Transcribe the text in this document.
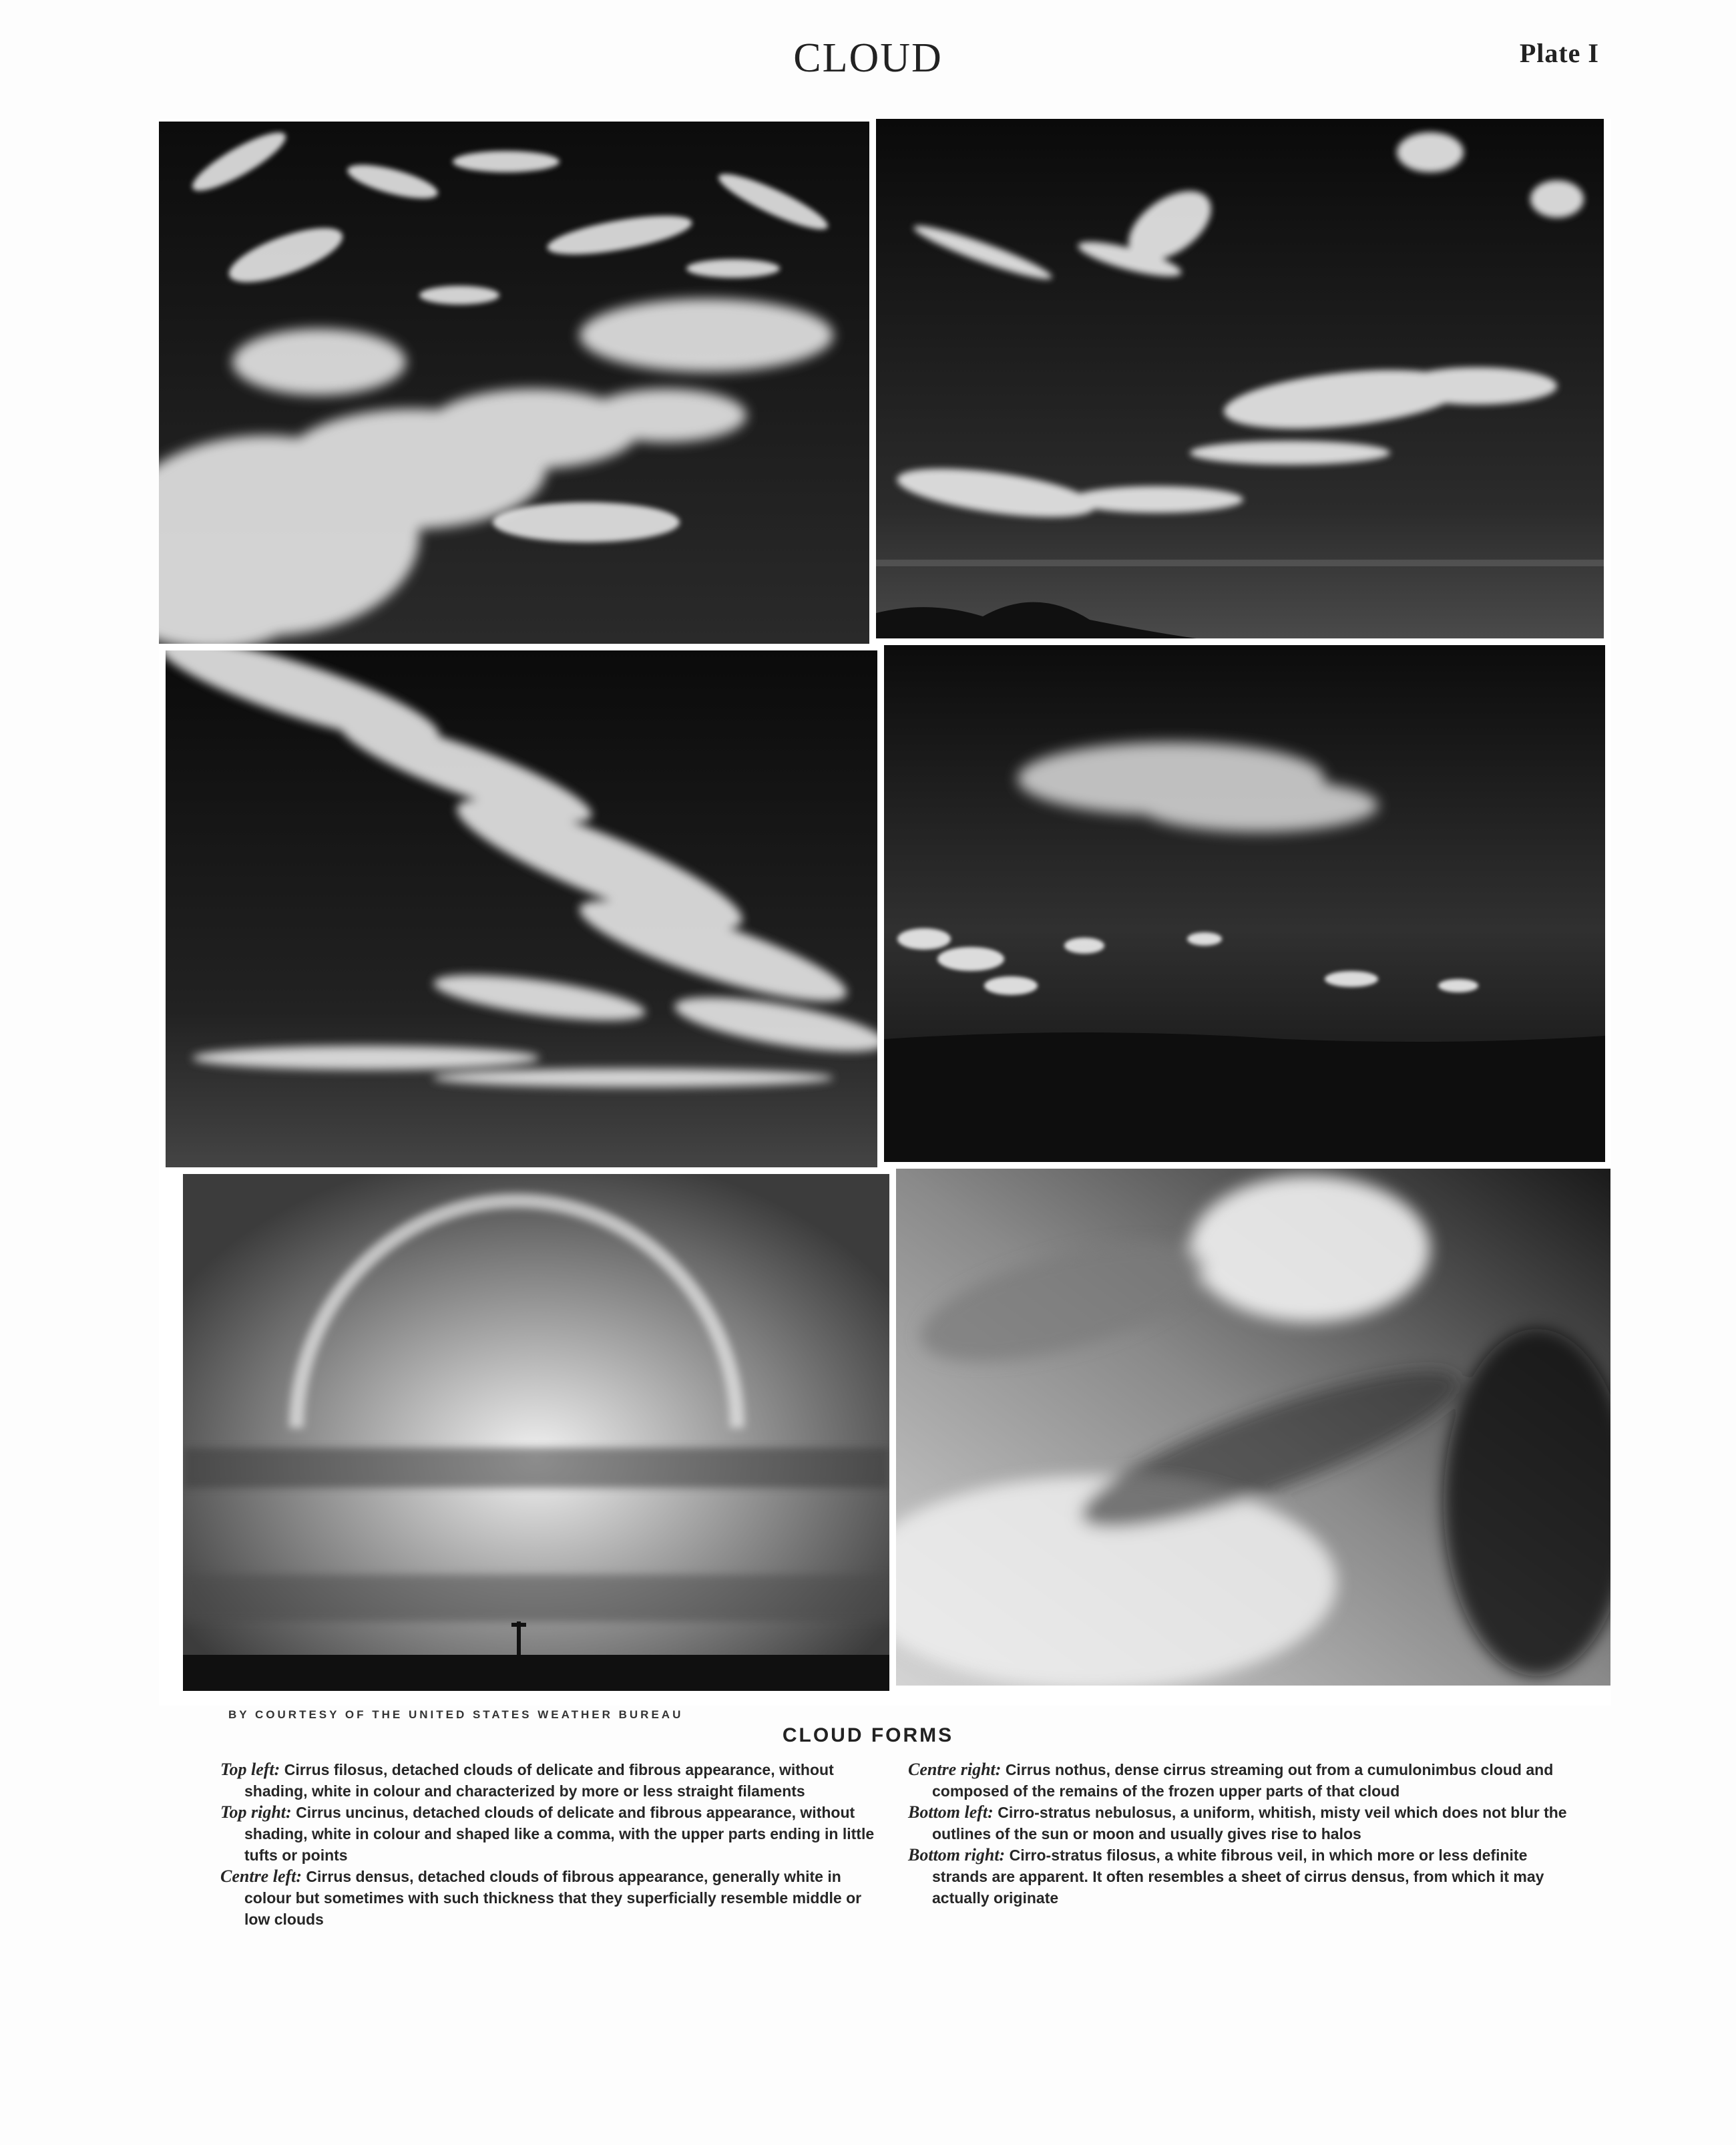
CLOUD	Plate I
BY COURTESY OF THE UNITED STATES WEATHER BUREAU
CLOUD FORMS

Top left: Cirrus filosus, detached clouds of delicate and fibrous appearance, without shading, white in colour and characterized by more or less straight filaments

Top right: Cirrus uncinus, detached clouds of delicate and fibrous appearance, without shading, white in colour and shaped like a comma, with the upper parts ending in little tufts or points

Centre left: Cirrus densus, detached clouds of fibrous appearance, generally white in colour but sometimes with such thickness that they superficially resemble middle or low clouds

Centre right: Cirrus nothus, dense cirrus streaming out from a cumulonimbus cloud and composed of the remains of the frozen upper parts of that cloud

Bottom left: Cirro-stratus nebulosus, a uniform, whitish, misty veil which does not blur the outlines of the sun or moon and usually gives rise to halos

Bottom right: Cirro-stratus filosus, a white fibrous veil, in which more or less definite strands are apparent. It often resembles a sheet of cirrus densus, from which it may actually originate
